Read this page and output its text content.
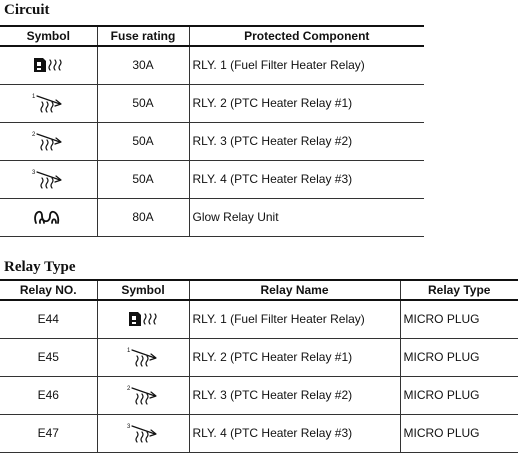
Circuit
Symbol	Fuse rating	Protected Component

	30A	RLY. 1 (Fuel Filter Heater Relay)

1	50A	RLY. 2 (PTC Heater Relay #1)

2	50A	RLY. 3 (PTC Heater Relay #2)

3	50A	RLY. 4 (PTC Heater Relay #3)

	80A	Glow Relay Unit
Relay Type
Relay NO.	Symbol	Relay Name	Relay Type
E44		RLY. 1 (Fuel Filter Heater Relay)	MICRO PLUG
E45	1	RLY. 2 (PTC Heater Relay #1)	MICRO PLUG
E46	2	RLY. 3 (PTC Heater Relay #2)	MICRO PLUG
E47	3	RLY. 4 (PTC Heater Relay #3)	MICRO PLUG
